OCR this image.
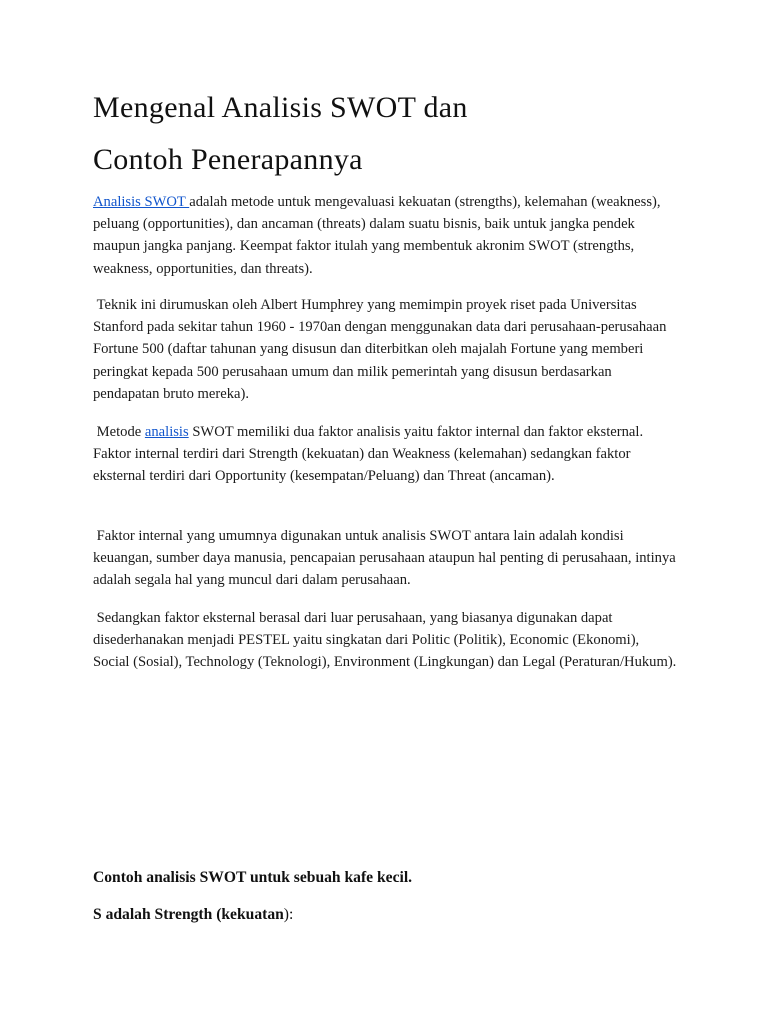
Mengenal Analisis SWOT dan
Contoh Penerapannya

Analisis SWOT adalah metode untuk mengevaluasi kekuatan (strengths), kelemahan (weakness), peluang (opportunities), dan ancaman (threats) dalam suatu bisnis, baik untuk jangka pendek maupun jangka panjang. Keempat faktor itulah yang membentuk akronim SWOT (strengths, weakness, opportunities, dan threats).

Teknik ini dirumuskan oleh Albert Humphrey yang memimpin proyek riset pada Universitas Stanford pada sekitar tahun 1960 - 1970an dengan menggunakan data dari perusahaan-perusahaan Fortune 500 (daftar tahunan yang disusun dan diterbitkan oleh majalah Fortune yang memberi peringkat kepada 500 perusahaan umum dan milik pemerintah yang disusun berdasarkan pendapatan bruto mereka).

Metode analisis SWOT memiliki dua faktor analisis yaitu faktor internal dan faktor eksternal. Faktor internal terdiri dari Strength (kekuatan) dan Weakness (kelemahan) sedangkan faktor eksternal terdiri dari Opportunity (kesempatan/Peluang) dan Threat (ancaman).

Faktor internal yang umumnya digunakan untuk analisis SWOT antara lain adalah kondisi keuangan, sumber daya manusia, pencapaian perusahaan ataupun hal penting di perusahaan, intinya adalah segala hal yang muncul dari dalam perusahaan.

Sedangkan faktor eksternal berasal dari luar perusahaan, yang biasanya digunakan dapat disederhanakan menjadi PESTEL yaitu singkatan dari Politic (Politik), Economic (Ekonomi), Social (Sosial), Technology (Teknologi), Environment (Lingkungan) dan Legal (Peraturan/Hukum).

Contoh analisis SWOT untuk sebuah kafe kecil.

S adalah Strength (kekuatan):
